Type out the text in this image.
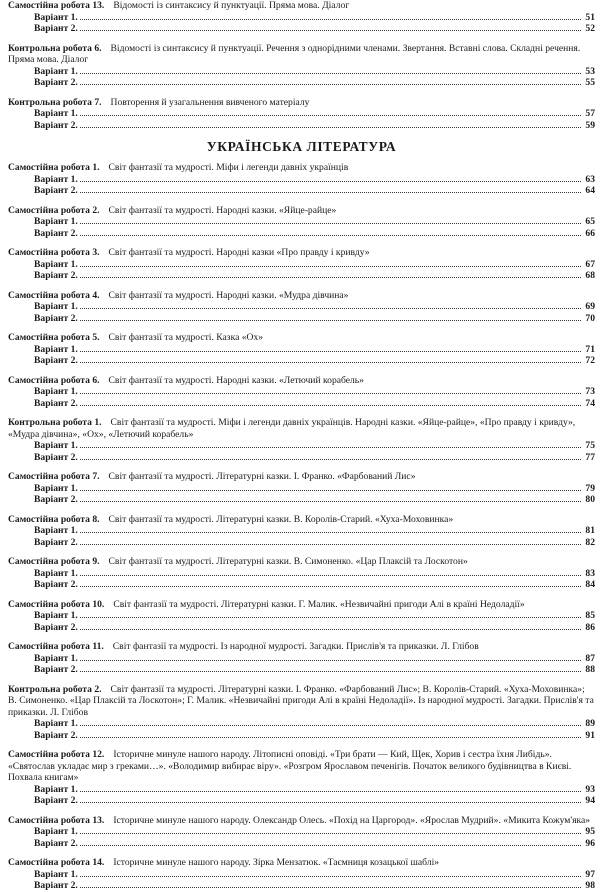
Самостійна робота 13. Відомості із синтаксису й пунктуації. Пряма мова. Діалог
Варіант 1.	51
Варіант 2.	52
Контрольна робота 6. Відомості із синтаксису й пунктуації. Речення з однорідними членами. Звертання. Вставні слова. Складні речення. Пряма мова. Діалог
Варіант 1.	53
Варіант 2.	55
Контрольна робота 7. Повторення й узагальнення вивченого матеріалу
Варіант 1.	57
Варіант 2.	59
УКРАЇНСЬКА ЛІТЕРАТУРА
Самостійна робота 1. Світ фантазії та мудрості. Міфи і легенди давніх українців
Варіант 1.	63
Варіант 2.	64
Самостійна робота 2. Світ фантазії та мудрості. Народні казки. «Яйце-райце»
Варіант 1.	65
Варіант 2.	66
Самостійна робота 3. Світ фантазії та мудрості. Народні казки «Про правду і кривду»
Варіант 1.	67
Варіант 2.	68
Самостійна робота 4. Світ фантазії та мудрості. Народні казки. «Мудра дівчина»
Варіант 1.	69
Варіант 2.	70
Самостійна робота 5. Світ фантазії та мудрості. Казка «Ох»
Варіант 1.	71
Варіант 2.	72
Самостійна робота 6. Світ фантазії та мудрості. Народні казки. «Летючий корабель»
Варіант 1.	73
Варіант 2.	74
Контрольна робота 1. Світ фантазії та мудрості. Міфи і легенди давніх українців. Народні казки. «Яйце-райце», «Про правду і кривду», «Мудра дівчина», «Ох», «Летючий корабель»
Варіант 1.	75
Варіант 2.	77
Самостійна робота 7. Світ фантазії та мудрості. Літературні казки. І. Франко. «Фарбований Лис»
Варіант 1.	79
Варіант 2.	80
Самостійна робота 8. Світ фантазії та мудрості. Літературні казки. В. Королів-Старий. «Хуха-Моховинка»
Варіант 1.	81
Варіант 2.	82
Самостійна робота 9. Світ фантазії та мудрості. Літературні казки. В. Симоненко. «Цар Плаксій та Лоскотон»
Варіант 1.	83
Варіант 2.	84
Самостійна робота 10. Світ фантазії та мудрості. Літературні казки. Г. Малик. «Незвичайні пригоди Алі в країні Недоладії»
Варіант 1.	85
Варіант 2.	86
Самостійна робота 11. Світ фантазії та мудрості. Із народної мудрості. Загадки. Прислів'я та приказки. Л. Глібов
Варіант 1.	87
Варіант 2.	88
Контрольна робота 2. Світ фантазії та мудрості. Літературні казки. І. Франко. «Фарбований Лис»; В. Королів-Старий. «Хуха-Моховинка»; В. Симоненко. «Цар Плаксій та Лоскотон»; Г. Малик. «Незвичайні пригоди Алі в країні Недоладії». Із народної мудрості. Загадки. Прислів'я та приказки. Л. Глібов
Варіант 1.	89
Варіант 2.	91
Самостійна робота 12. Історичне минуле нашого народу. Літописні оповіді. «Три брати — Кий, Щек, Хорив і сестра їхня Либідь». «Святослав укладає мир з греками…». «Володимир вибирає віру». «Розгром Ярославом печенігів. Початок великого будівництва в Києві. Похвала книгам»
Варіант 1.	93
Варіант 2.	94
Самостійна робота 13. Історичне минуле нашого народу. Олександр Олесь. «Похід на Царгород». «Ярослав Мудрий». «Микита Кожум'яка»
Варіант 1.	95
Варіант 2.	96
Самостійна робота 14. Історичне минуле нашого народу. Зірка Мензатюк. «Таємниця козацької шаблі»
Варіант 1.	97
Варіант 2.	98
